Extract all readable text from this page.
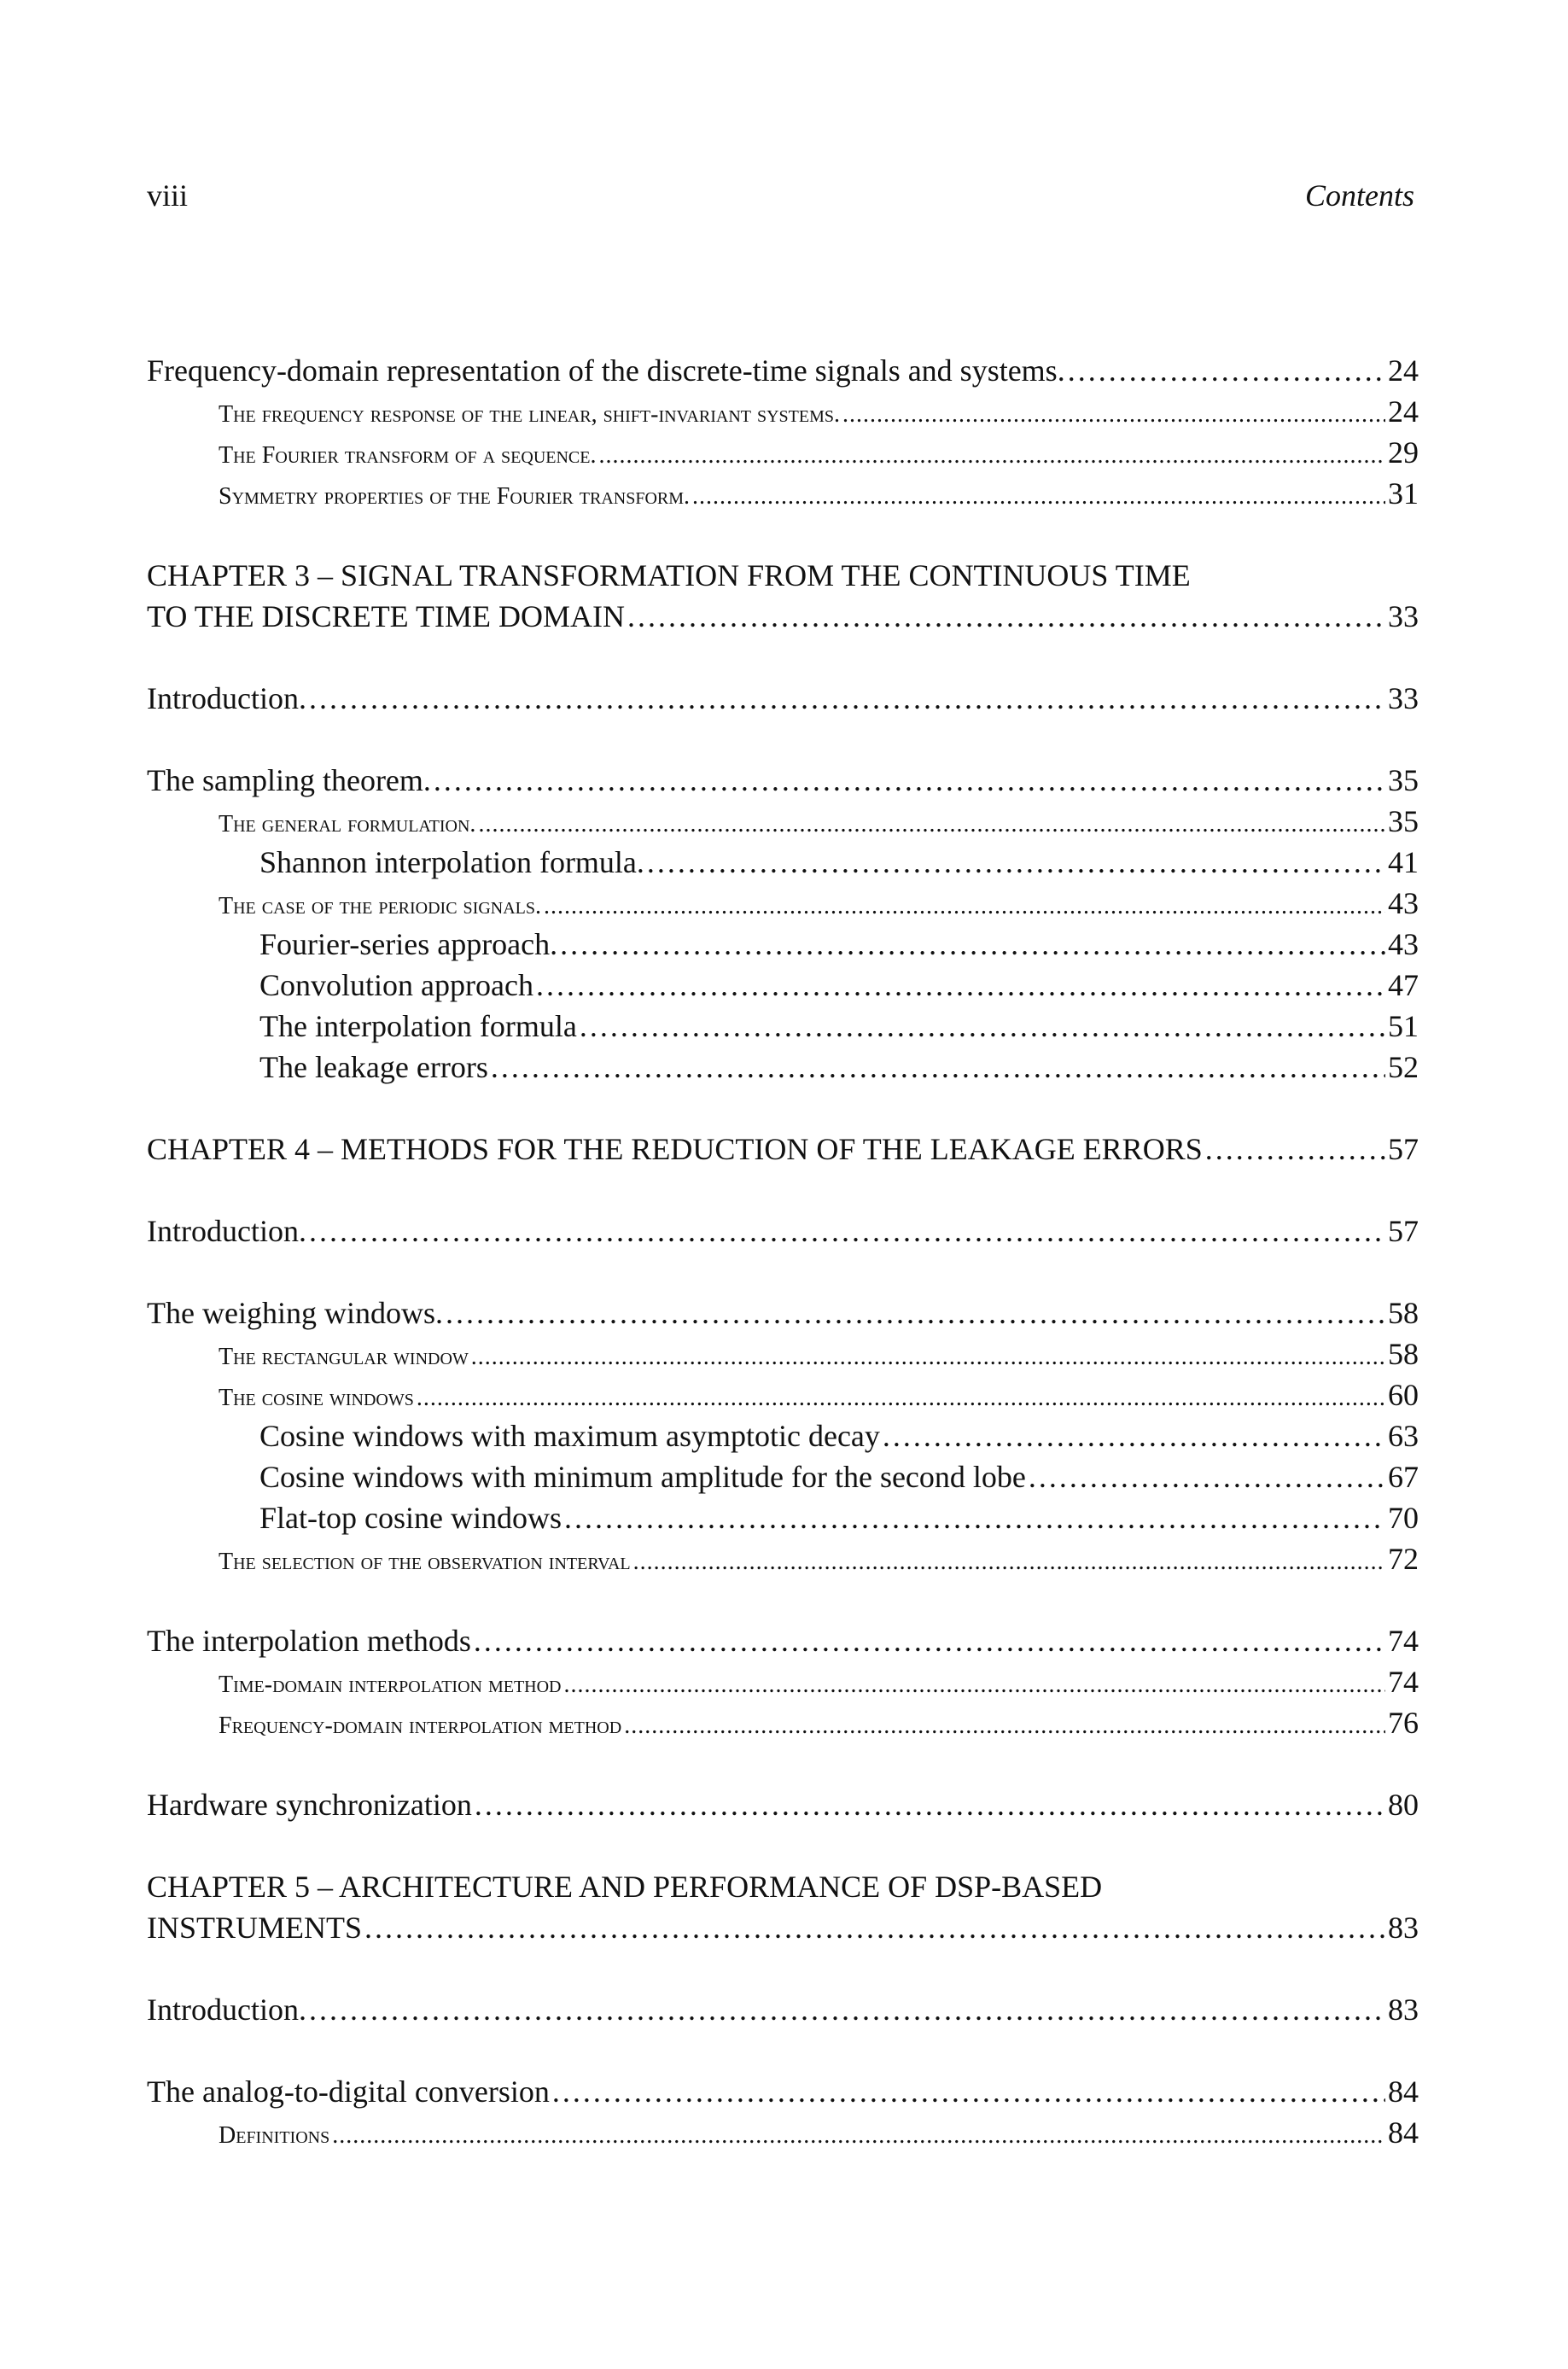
viii	Contents
Frequency-domain representation of the discrete-time signals and systems. . . .	24
The frequency response of the linear, shift-invariant systems. . . .	24
The Fourier transform of a sequence. . . .	29
Symmetry properties of the Fourier transform. . . .	31
CHAPTER 3 – SIGNAL TRANSFORMATION FROM THE CONTINUOUS TIME
TO THE DISCRETE TIME DOMAIN . . .	33
Introduction. . . .	33
The sampling theorem. . . .	35
The general formulation. . . .	35
Shannon interpolation formula. . . .	41
The case of the periodic signals. . . .	43
Fourier-series approach. . . .	43
Convolution approach . . .	47
The interpolation formula . . .	51
The leakage errors . . .	52
CHAPTER 4 – METHODS FOR THE REDUCTION OF THE LEAKAGE ERRORS . . .	57
Introduction. . . .	57
The weighing windows. . . .	58
The rectangular window . . .	58
The cosine windows . . .	60
Cosine windows with maximum asymptotic decay . . .	63
Cosine windows with minimum amplitude for the second lobe . . .	67
Flat-top cosine windows . . .	70
The selection of the observation interval . . .	72
The interpolation methods . . .	74
Time-domain interpolation method . . .	74
Frequency-domain interpolation method . . .	76
Hardware synchronization . . .	80
CHAPTER 5 – ARCHITECTURE AND PERFORMANCE OF DSP-BASED
INSTRUMENTS . . .	83
Introduction. . . .	83
The analog-to-digital conversion . . .	84
Definitions . . .	84
